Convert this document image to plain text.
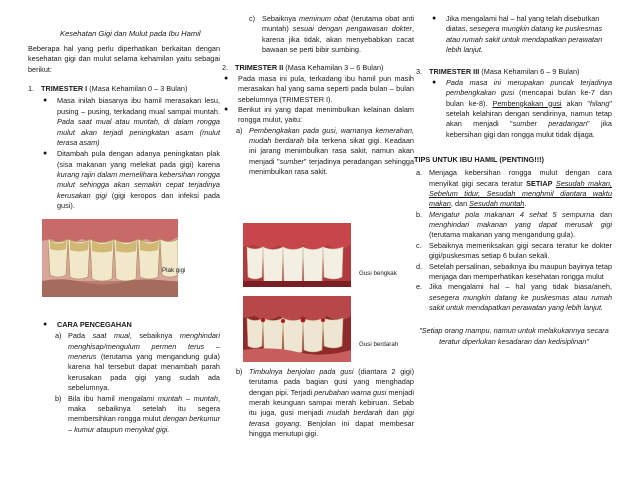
Kesehatan Gigi dan Mulut pada Ibu Hamil

Beberapa hal yang perlu diperhatikan berkaitan dengan kesehatan gigi dan mulut selama kehamilan yaitu sebagai berikut:

1. TRIMESTER I (Masa Kehamilan 0 – 3 Bulan)
●	Masa inilah biasanya ibu hamil merasakan lesu, pusing – pusing, terkadang mual sampai muntah. Pada saat mual atau muntah, di dalam rongga mulut akan terjadi peningkatan asam (mulut terasa asam)

●	Ditambah pula dengan adanya peningkatan plak (sisa makanan yang melekat pada gigi) karena kurang rajin dalam memelihara kebersihan rongga mulut sehingga akan semakin cepat terjadinya kerusakan gigi (gigi keropos dan infeksi pada gusi).

Plak gigi
●	CARA PENCEGAHAN
a) Pada saat mual, sebaiknya menghindari menghisap/mengulum permen terus – menerus (terutama yang mengandung gula) karena hal tersebut dapat menambah parah kerusakan pada gigi yang sudah ada sebelumnya.

b) Bila ibu hamil mengalami muntah – muntah, maka sebaiknya setelah itu segera membersihkan rongga mulut dengan berkumur – kumur ataupun menyikat gigi.

c) Sebaiknya meminum obat (terutama obat anti muntah) sesuai dengan pengawasan dokter, karena jika tidak, akan menyebabkan cacat bawaan se perti bibir sumbing.

2. TRIMESTER II (Masa Kehamilan 3 – 6 Bulan)
●	Pada masa ini pula, terkadang ibu hamil pun masih merasakan hal yang sama seperti pada bulan – bulan sebelumnya (TRIMESTER I).

●	Berikut ini yang dapat menimbulkan kelainan dalam rongga mulut, yaitu:

a) Pembengkakan pada gusi, warnanya kemerahan, mudah berdarah bila terkena sikat gigi. Keadaan ini jarang menimbulkan rasa sakit, namun akan menjadi "sumber" terjadinya peradangan sehingga menimbulkan rasa sakit.

Gusi bengkak
Gusi berdarah
b) Timbulnya benjolan pada gusi (diantara 2 gigi) terutama pada bagian gusi yang menghadap dengan pipi. Terjadi perubahan warna gusi menjadi merah keunguan sampai merah kebiruan. Sebab itu juga, gusi menjadi mudah berdarah dan gigi terasa goyang. Benjolan ini dapat membesar hingga menutupi gigi.

●	Jika mengalami hal – hal yang telah disebutkan diatas, sesegera mungkin datang ke puskesmas atau rumah sakit untuk mendapatkan perawatan lebih lanjut.

3. TRIMESTER III (Masa Kehamilan 6 – 9 Bulan)
●	Pada masa ini merupakan puncak terjadinya pembengkakan gusi (mencapai bulan ke-7 dan bulan ke-8). Pembengkakan gusi akan "hilang" setelah kelahiran dengan sendirinya, namun tetap akan menjadi "sumber peradangan" jika kebersihan gigi dan rongga mulut tidak dijaga.

TIPS UNTUK IBU HAMIL (PENTING!!!)
a. Menjaga kebersihan rongga mulut dengan cara menyikat gigi secara teratur SETIAP Sesudah makan, Sebelum tidur, Sesudah menghmil diantara waktu makan, dan Sesudah muntah.

b. Mengatur pola makanan 4 sehat 5 sempurna dan menghindari makanan yang dapat merusak gigi (terutama makanan yang mengandung gula).

c.	Sebaiknya memeriksakan gigi secara teratur ke dokter gigi/puskesmas setiap 6 bulan sekali.

d. Setelah persalinan, sebaiknya ibu maupun bayinya tetap menjaga dan memperhatikan kesehatan rongga mulut

e. Jika mengalami hal – hal yang tidak biasa/aneh, sesegera mungkin datang ke puskesmas atau rumah sakit untuk mendapatkan perawatan yang lebih lanjut.

"Setiap orang mampu, namun untuk melakukannya secara teratur diperlukan kesadaran dan kedisiplinan"
